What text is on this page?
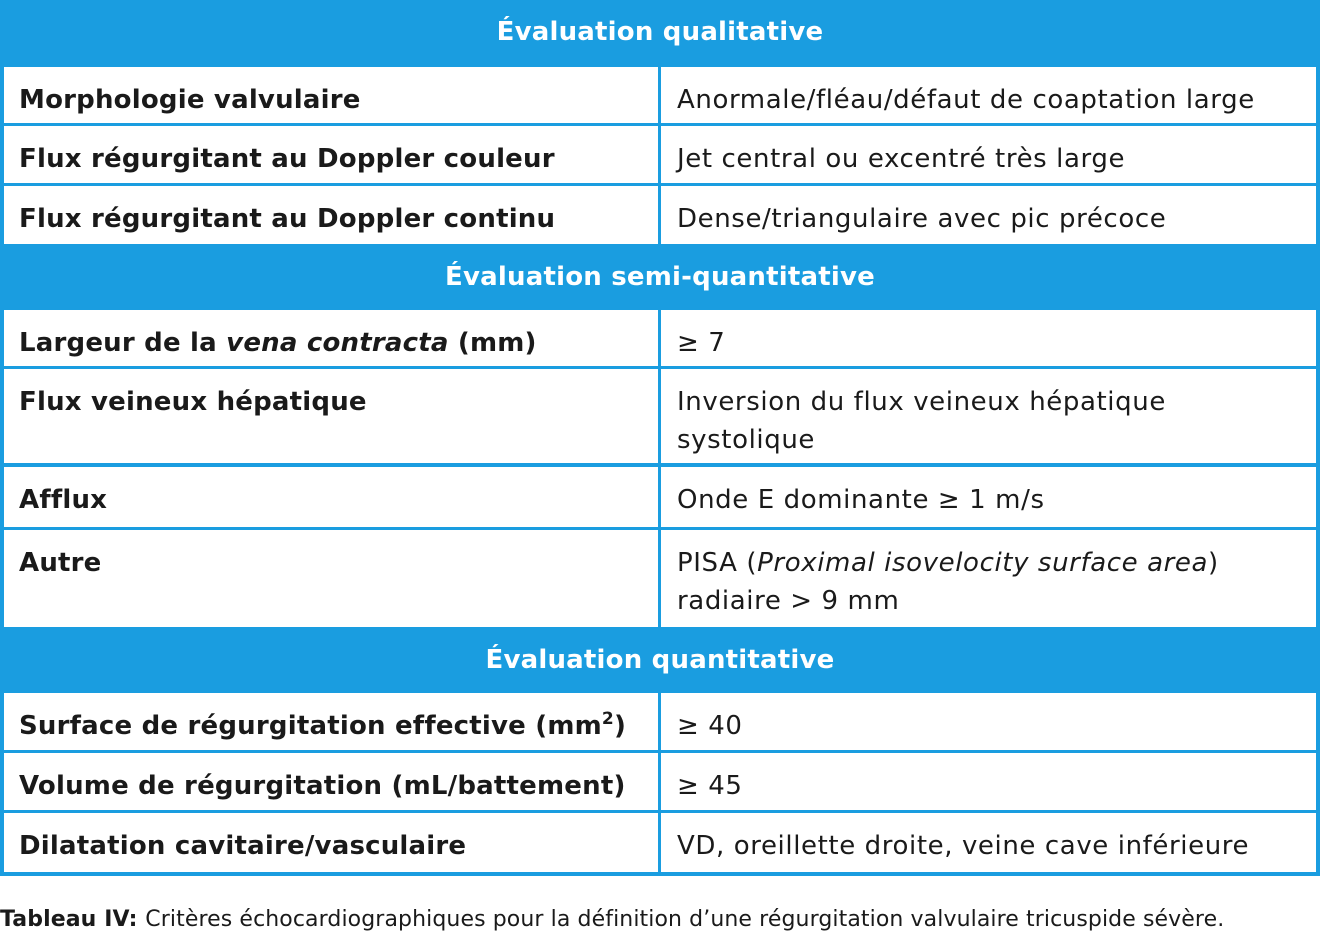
Évaluation qualitative
Morphologie valvulaire	Anormale/fléau/défaut de coaptation large
Flux régurgitant au Doppler couleur	Jet central ou excentré très large
Flux régurgitant au Doppler continu	Dense/triangulaire avec pic précoce
Évaluation semi-quantitative
Largeur de la vena contracta (mm)	≥ 7
Flux veineux hépatique	Inversion du flux veineux hépatique
systolique
Afflux	Onde E dominante ≥ 1 m/s
Autre	PISA (Proximal isovelocity surface area)
radiaire > 9 mm
Évaluation quantitative
Surface de régurgitation effective $(mm^2)$	≥ 40
Volume de régurgitation (mL/battement)	≥ 45
Dilatation cavitaire/vasculaire	VD, oreillette droite, veine cave inférieure
Tableau IV: Critères échocardiographiques pour la définition d’une régurgitation valvulaire tricuspide sévère.
